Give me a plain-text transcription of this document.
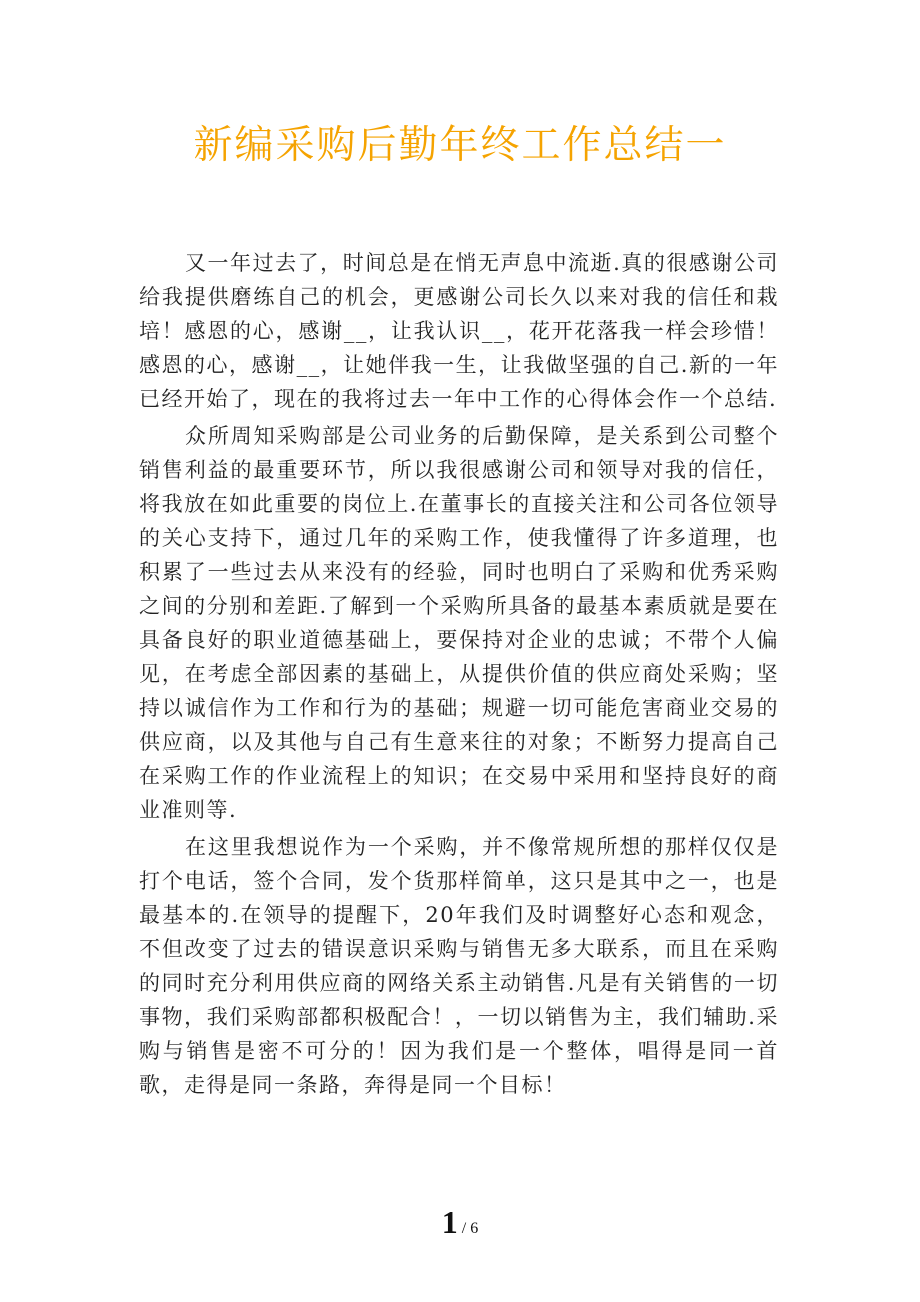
新编采购后勤年终工作总结一

又一年过去了，时间总是在悄无声息中流逝.真的很感谢公司给我提供磨练自己的机会，更感谢公司长久以来对我的信任和栽培！感恩的心，感谢__，让我认识__，花开花落我一样会珍惜！感恩的心，感谢__，让她伴我一生，让我做坚强的自己.新的一年已经开始了，现在的我将过去一年中工作的心得体会作一个总结.

众所周知采购部是公司业务的后勤保障，是关系到公司整个销售利益的最重要环节，所以我很感谢公司和领导对我的信任，将我放在如此重要的岗位上.在董事长的直接关注和公司各位领导的关心支持下，通过几年的采购工作，使我懂得了许多道理，也积累了一些过去从来没有的经验，同时也明白了采购和优秀采购之间的分别和差距.了解到一个采购所具备的最基本素质就是要在具备良好的职业道德基础上，要保持对企业的忠诚；不带个人偏见，在考虑全部因素的基础上，从提供价值的供应商处采购；坚持以诚信作为工作和行为的基础；规避一切可能危害商业交易的供应商，以及其他与自己有生意来往的对象；不断努力提高自己在采购工作的作业流程上的知识；在交易中采用和坚持良好的商业准则等.

在这里我想说作为一个采购，并不像常规所想的那样仅仅是打个电话，签个合同，发个货那样简单，这只是其中之一，也是最基本的.在领导的提醒下，20年我们及时调整好心态和观念，不但改变了过去的错误意识采购与销售无多大联系，而且在采购的同时充分利用供应商的网络关系主动销售.凡是有关销售的一切事物，我们采购部都积极配合！，一切以销售为主，我们辅助.采购与销售是密不可分的！因为我们是一个整体，唱得是同一首歌，走得是同一条路，奔得是同一个目标！

1 / 6
